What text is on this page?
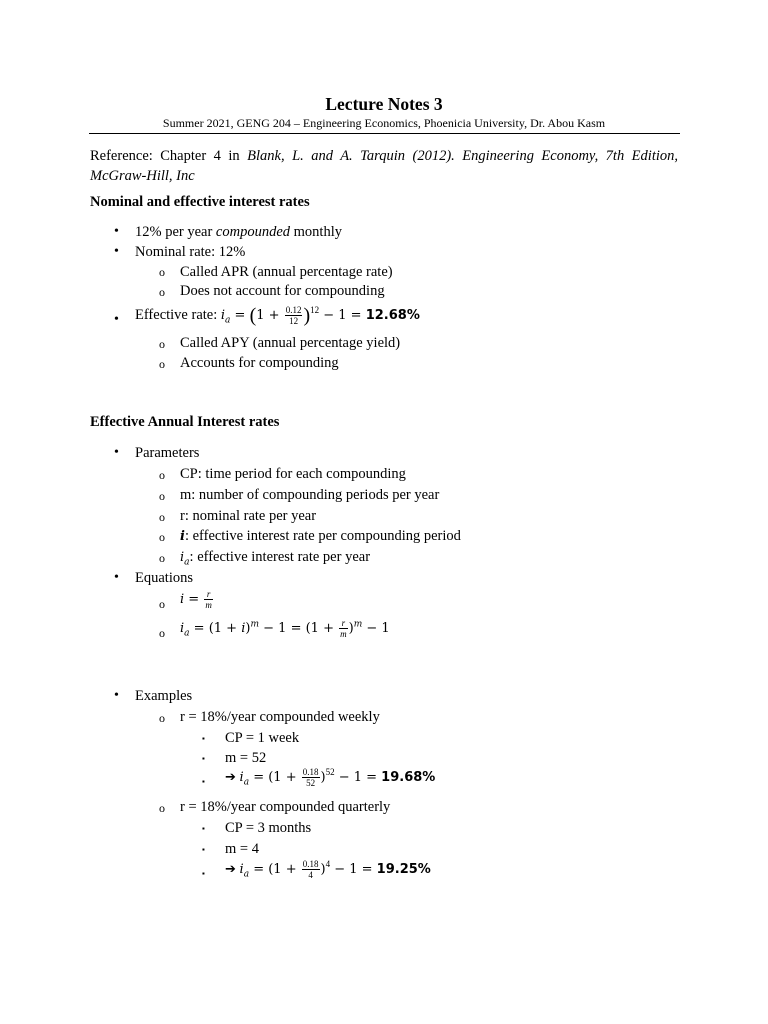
Lecture Notes 3
Summer 2021, GENG 204 – Engineering Economics, Phoenicia University, Dr. Abou Kasm
Reference: Chapter 4 in Blank, L. and A. Tarquin (2012). Engineering Economy, 7th Edition, McGraw-Hill, Inc
Nominal and effective interest rates
• 12% per year compounded monthly
• Nominal rate: 12%
o Called APR (annual percentage rate)
o Does not account for compounding
• Effective rate: $i_a = (1 + \frac{0.12}{12} )^{12} - 1 = 12.68\%$
o Called APY (annual percentage yield)
o Accounts for compounding
Effective Annual Interest rates
• Parameters
o CP: time period for each compounding
o m: number of compounding periods per year
o r: nominal rate per year
o i: effective interest rate per compounding period
o $i_a$: effective interest rate per year
• Equations
o $i = \frac{r}{m}$
o $i_a = (1 + i)^m - 1 = (1 + \frac{r}{m} )^m - 1$
• Examples
o r = 18%/year compounded weekly
▪ CP = 1 week
▪ m = 52
▪ ➔ $i_a = (1 + \frac{0.18}{52} )^{52} - 1 = 19.68\%$
o r = 18%/year compounded quarterly
▪ CP = 3 months
▪ m = 4
▪ ➔ $i_a = (1 + \frac{0.18}{4} )^4 - 1 = 19.25\%$
